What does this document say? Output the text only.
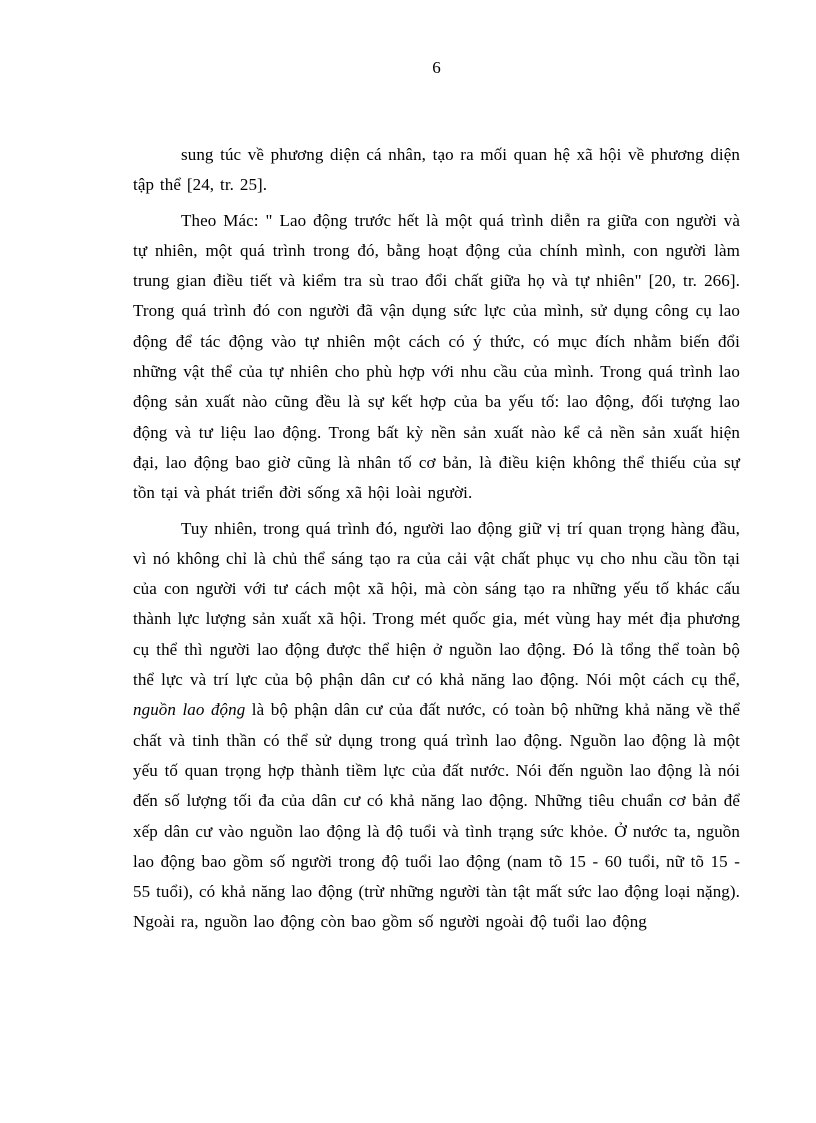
6

sung túc về phương diện cá nhân, tạo ra mối quan hệ xã hội về phương diện tập thể [24, tr. 25].

Theo Mác: " Lao động trước hết là một quá trình diễn ra giữa con người và tự nhiên, một quá trình trong đó, bằng hoạt động của chính mình, con người làm trung gian điều tiết và kiểm tra sù trao đổi chất giữa họ và tự nhiên" [20, tr. 266]. Trong quá trình đó con người đã vận dụng sức lực của mình, sử dụng công cụ lao động để tác động vào tự nhiên một cách có ý thức, có mục đích nhằm biến đổi những vật thể của tự nhiên cho phù hợp với nhu cầu của mình. Trong quá trình lao động sản xuất nào cũng đều là sự kết hợp của ba yếu tố: lao động, đối tượng lao động và tư liệu lao động. Trong bất kỳ nền sản xuất nào kể cả nền sản xuất hiện đại, lao động bao giờ cũng là nhân tố cơ bản, là điều kiện không thể thiếu của sự tồn tại và phát triển đời sống xã hội loài người.

Tuy nhiên, trong quá trình đó, người lao động giữ vị trí quan trọng hàng đầu, vì nó không chỉ là chủ thể sáng tạo ra của cải vật chất phục vụ cho nhu cầu tồn tại của con người với tư cách một xã hội, mà còn sáng tạo ra những yếu tố khác cấu thành lực lượng sản xuất xã hội. Trong mét quốc gia, mét vùng hay mét địa phương cụ thể thì người lao động được thể hiện ở nguồn lao động. Đó là tổng thể toàn bộ thể lực và trí lực của bộ phận dân cư có khả năng lao động. Nói một cách cụ thể, nguồn lao động là bộ phận dân cư của đất nước, có toàn bộ những khả năng về thể chất và tinh thần có thể sử dụng trong quá trình lao động. Nguồn lao động là một yếu tố quan trọng hợp thành tiềm lực của đất nước. Nói đến nguồn lao động là nói đến số lượng tối đa của dân cư có khả năng lao động. Những tiêu chuẩn cơ bản để xếp dân cư vào nguồn lao động là độ tuổi và tình trạng sức khỏe. Ở nước ta, nguồn lao động bao gồm số người trong độ tuổi lao động (nam tõ 15 - 60 tuổi, nữ tõ 15 - 55 tuổi), có khả năng lao động (trừ những người tàn tật mất sức lao động loại nặng). Ngoài ra, nguồn lao động còn bao gồm số người ngoài độ tuổi lao động
